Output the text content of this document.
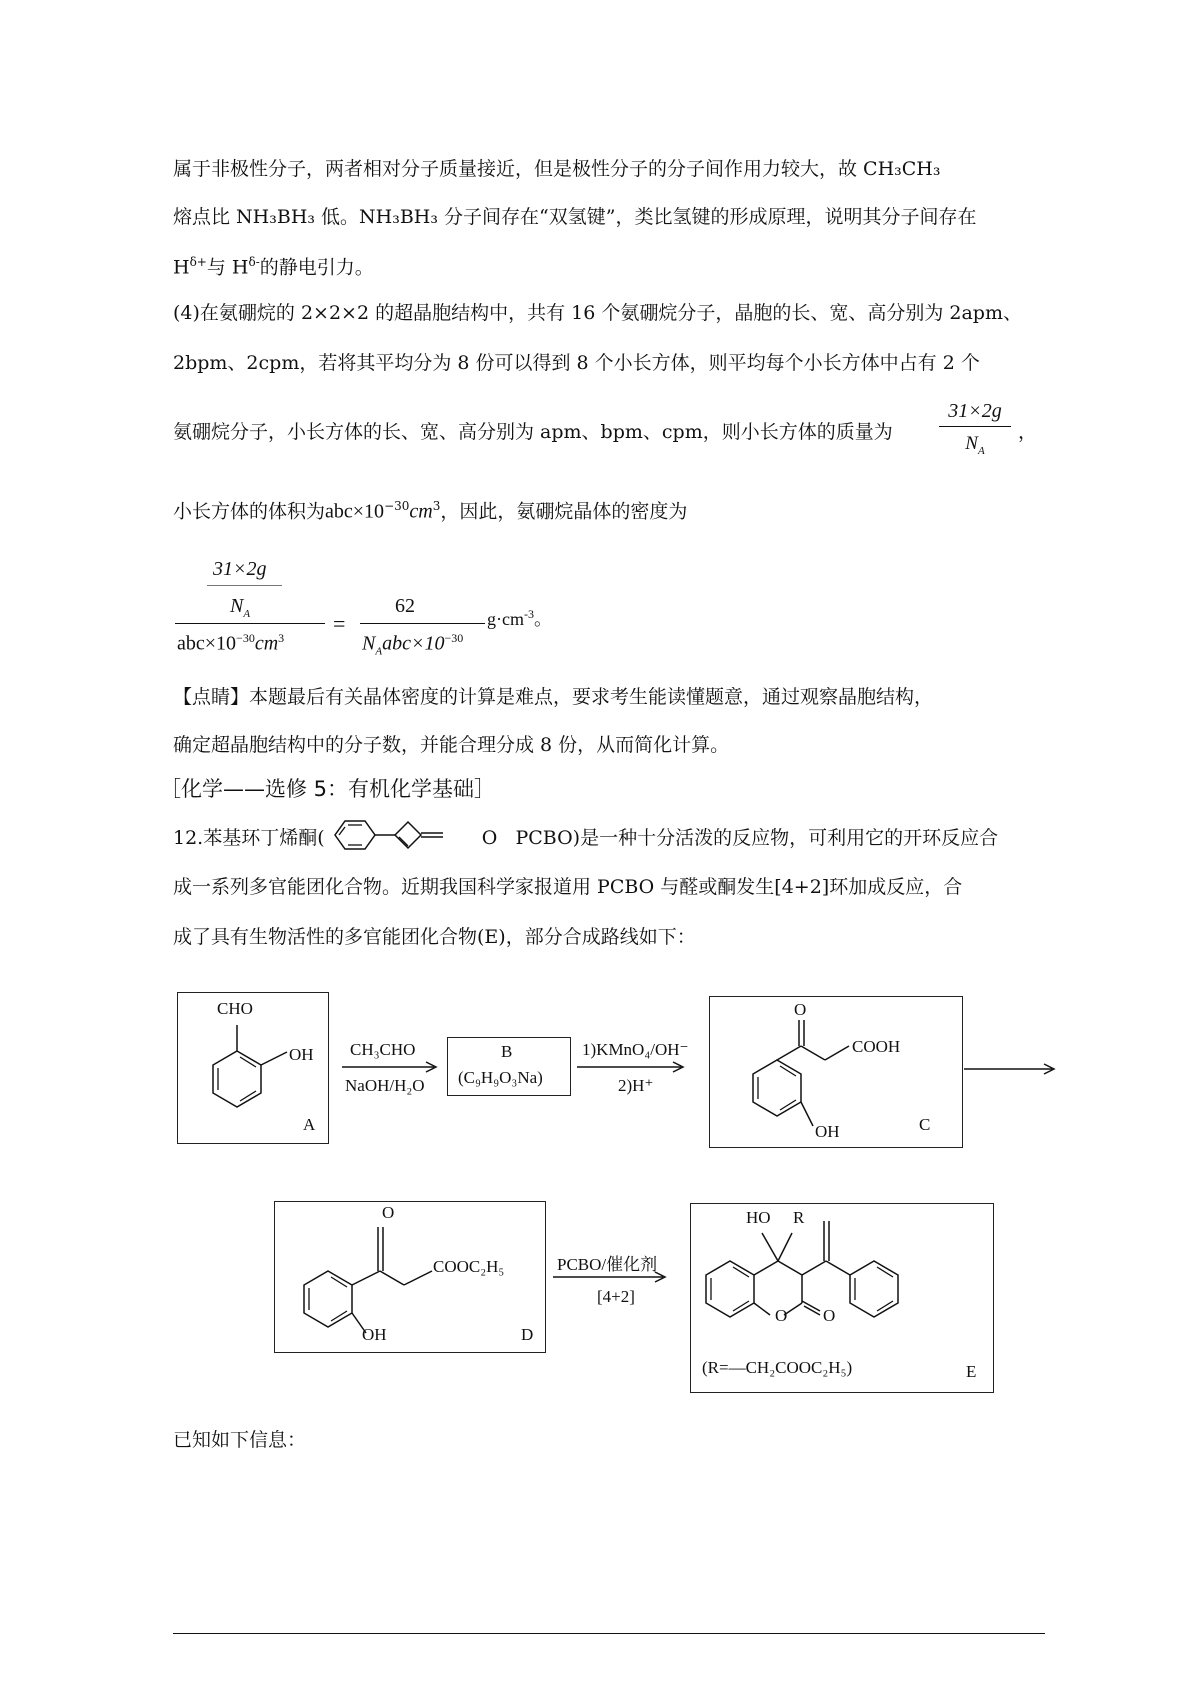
属于非极性分子，两者相对分子质量接近，但是极性分子的分子间作用力较大，故 CH₃CH₃
熔点比 NH₃BH₃ 低。NH₃BH₃ 分子间存在“双氢键”，类比氢键的形成原理，说明其分子间存在
$H^{\delta+}$与 $H^{\delta-}$的静电引力。
(4)在氨硼烷的 2×2×2 的超晶胞结构中，共有 16 个氨硼烷分子，晶胞的长、宽、高分别为 2apm、
2bpm、2cpm，若将其平均分为 8 份可以得到 8 个小长方体，则平均每个小长方体中占有 2 个
氨硼烷分子，小长方体的长、宽、高分别为 apm、bpm、cpm，则小长方体的质量为
31×2g
$N_A$
，
小长方体的体积为$abc\times 10^{-30}cm^3$，因此，氨硼烷晶体的密度为
31×2g
$N_A$
$abc\times 10^{-30}cm^3$
=
62
$N_Aabc\times 10^{-30}$
$g\cdot cm^{-3}$。
【点睛】本题最后有关晶体密度的计算是难点，要求考生能读懂题意，通过观察晶胞结构，
确定超晶胞结构中的分子数，并能合理分成 8 份，从而简化计算。
［化学——选修 5：有机化学基础］
12.苯基环丁烯酮(	O PCBO)是一种十分活泼的反应物，可利用它的开环反应合
成一系列多官能团化合物。近期我国科学家报道用 PCBO 与醛或酮发生[4+2]环加成反应，合
成了具有生物活性的多官能团化合物(E)，部分合成路线如下：
CHO
OH
A
CH₃CHO
NaOH/H₂O
B
(C₉H₉O₃Na)
1)KMnO₄/OH⁻
2)H⁺
O
COOH
OH	C
O
COOC₂H₅
OH	D
PCBO/催化剂
[4+2]
HO R
O O
(R=—CH₂COOC₂H₅)	E
已知如下信息：
